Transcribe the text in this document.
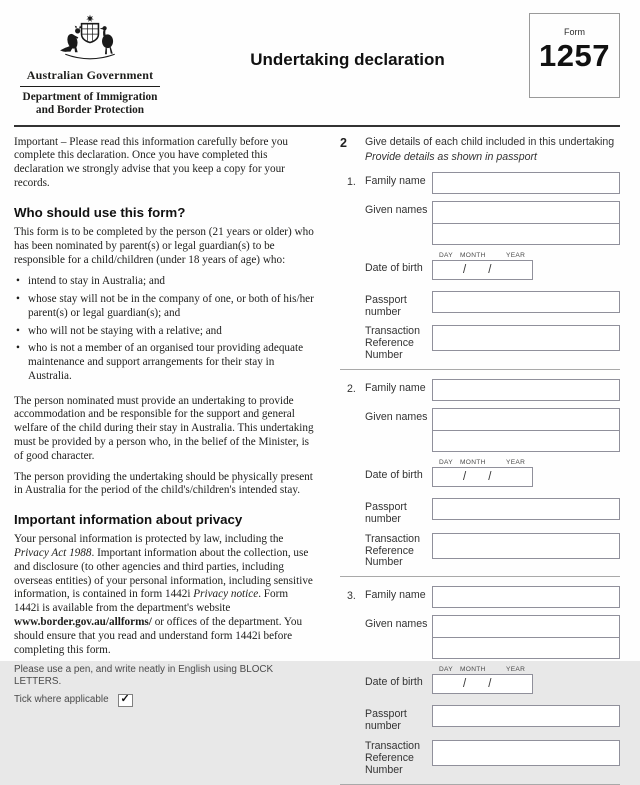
Australian Government
Department of Immigration
and Border Protection
Undertaking declaration
Form
1257

Important – Please read this information carefully before you complete this declaration. Once you have completed this declaration we strongly advise that you keep a copy for your records.

Who should use this form?

This form is to be completed by the person (21 years or older) who has been nominated by parent(s) or legal guardian(s) to be responsible for a child/children (under 18 years of age) who:

• intend to stay in Australia; and
• whose stay will not be in the company of one, or both of his/her parent(s) or legal guardian(s); and
• who will not be staying with a relative; and
• who is not a member of an organised tour providing adequate maintenance and support arrangements for their stay in Australia.

The person nominated must provide an undertaking to provide accommodation and be responsible for the support and general welfare of the child during their stay in Australia. This undertaking must be provided by a person who, in the belief of the Minister, is of good character.

The person providing the undertaking should be physically present in Australia for the period of the child's/children's intended stay.

Important information about privacy

Your personal information is protected by law, including the Privacy Act 1988. Important information about the collection, use and disclosure (to other agencies and third parties, including overseas entities) of your personal information, including sensitive information, is contained in form 1442i Privacy notice. Form 1442i is available from the department's website www.border.gov.au/allforms/ or offices of the department. You should ensure that you read and understand form 1442i before completing this form.

Please use a pen, and write neatly in English using BLOCK LETTERS.
Tick where applicable ✓
2	Give details of each child included in this undertaking
Provide details as shown in passport
1. Family name
Given names
Date of birth
DAY	MONTH	YEAR
/ /
Passport number
Transaction
Reference Number
2. Family name
Given names
Date of birth
DAY	MONTH	YEAR
/ /
Passport number
Transaction
Reference Number
3. Family name
Given names
Date of birth
DAY	MONTH	YEAR
/ /
Passport number
Transaction
Reference Number
